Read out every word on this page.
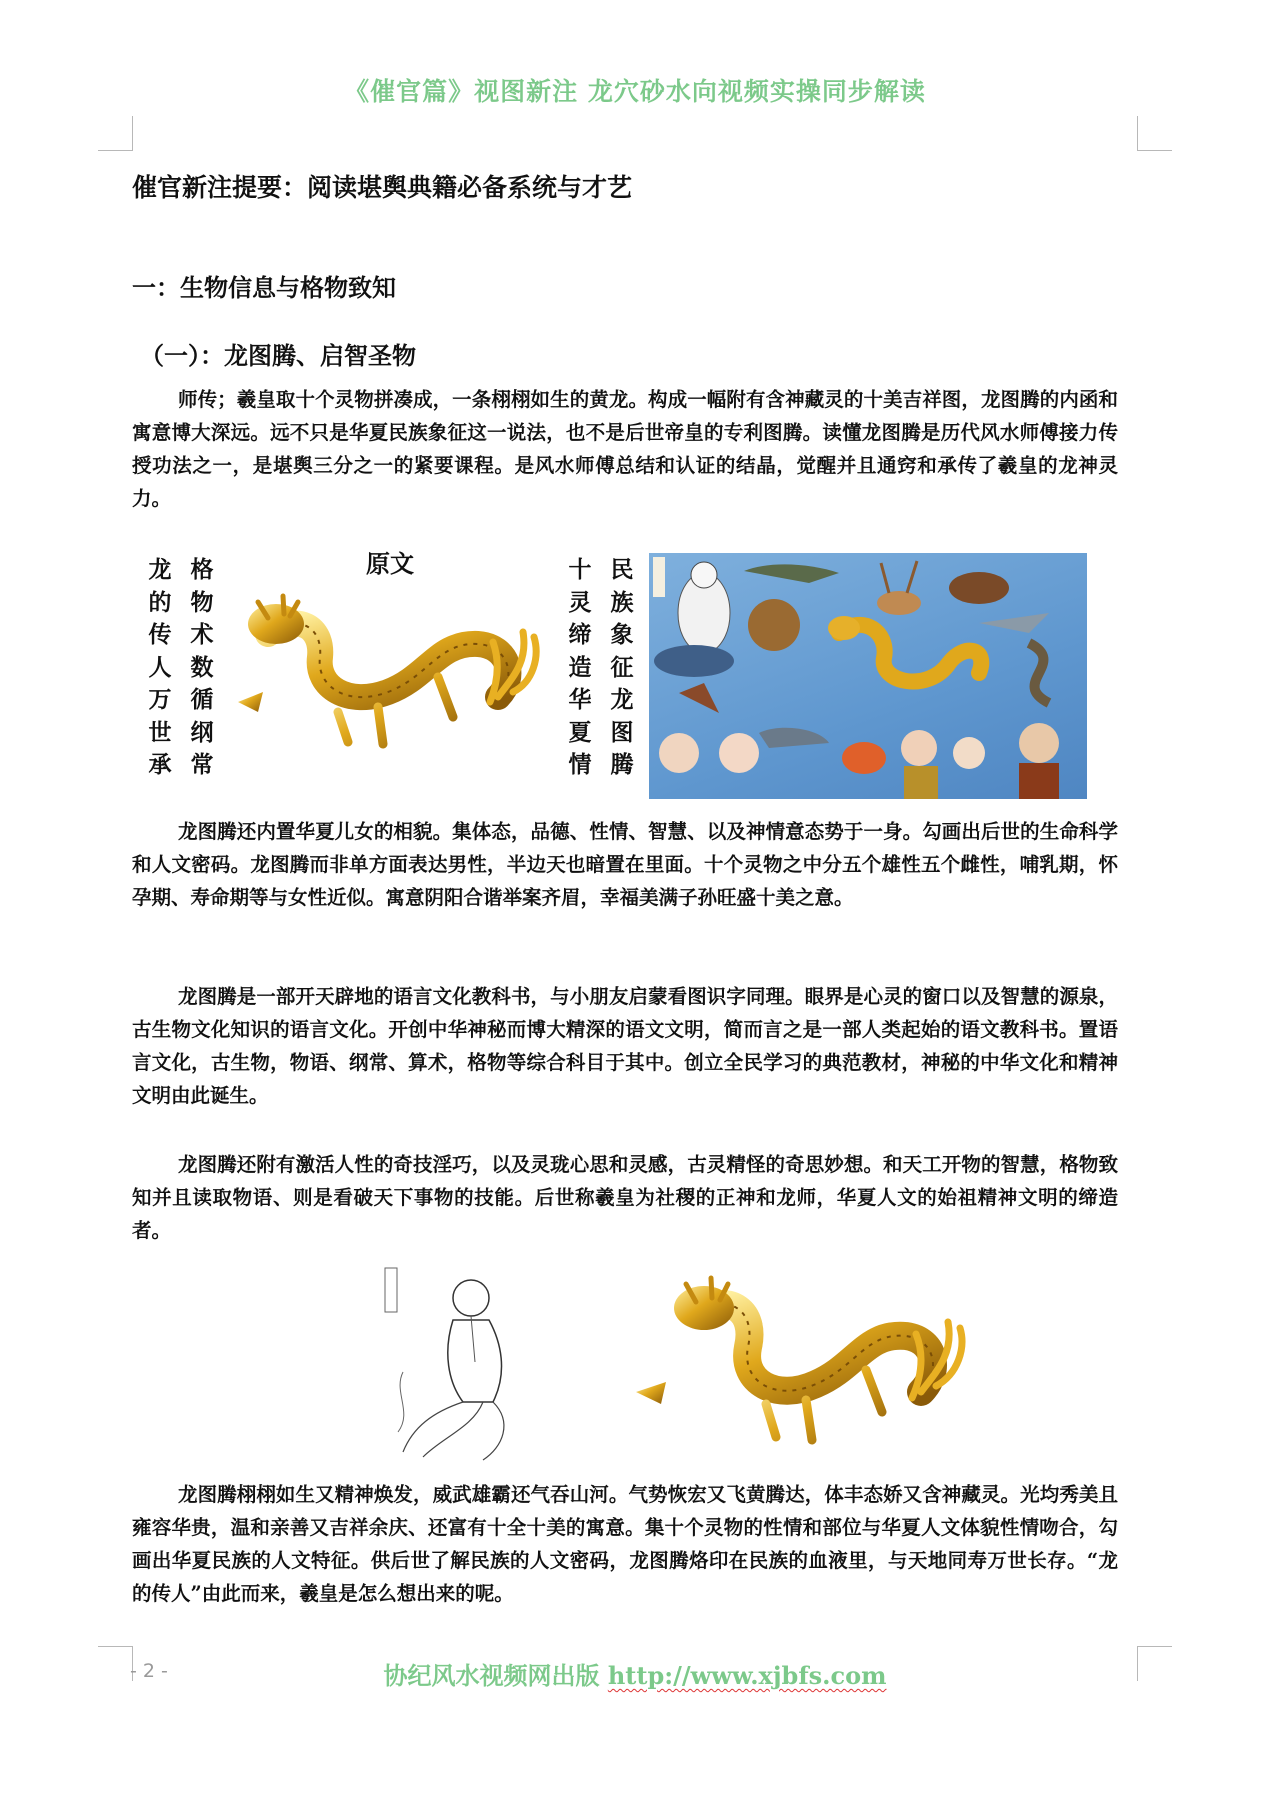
《催官篇》视图新注 龙穴砂水向视频实操同步解读
催官新注提要：阅读堪舆典籍必备系统与才艺
一：生物信息与格物致知
（一）：龙图腾、启智圣物

师传；羲皇取十个灵物拼凑成，一条栩栩如生的黄龙。构成一幅附有含神藏灵的十美吉祥图，龙图腾的内函和寓意博大深远。远不只是华夏民族象征这一说法，也不是后世帝皇的专利图腾。读懂龙图腾是历代风水师傅接力传授功法之一，是堪舆三分之一的紧要课程。是风水师傅总结和认证的结晶，觉醒并且通窍和承传了羲皇的龙神灵力。

龙
的
传
人
万
世
承
格
物
术
数
循
纲
常
原文	十
灵
缔
造
华
夏
情
民
族
象
征
龙
图
腾

龙图腾还内置华夏儿女的相貌。集体态，品德、性情、智慧、以及神情意态势于一身。勾画出后世的生命科学和人文密码。龙图腾而非单方面表达男性，半边天也暗置在里面。十个灵物之中分五个雄性五个雌性，哺乳期，怀孕期、寿命期等与女性近似。寓意阴阳合谐举案齐眉，幸福美满子孙旺盛十美之意。

龙图腾是一部开天辟地的语言文化教科书，与小朋友启蒙看图识字同理。眼界是心灵的窗口以及智慧的源泉，古生物文化知识的语言文化。开创中华神秘而博大精深的语文文明，简而言之是一部人类起始的语文教科书。置语言文化，古生物，物语、纲常、算术，格物等综合科目于其中。创立全民学习的典范教材，神秘的中华文化和精神文明由此诞生。

龙图腾还附有激活人性的奇技淫巧，以及灵珑心思和灵感，古灵精怪的奇思妙想。和天工开物的智慧，格物致知并且读取物语、则是看破天下事物的技能。后世称羲皇为社稷的正神和龙师，华夏人文的始祖精神文明的缔造者。

龙图腾栩栩如生又精神焕发，威武雄霸还气吞山河。气势恢宏又飞黄腾达，体丰态娇又含神藏灵。光均秀美且雍容华贵，温和亲善又吉祥余庆、还富有十全十美的寓意。集十个灵物的性情和部位与华夏人文体貌性情吻合，勾画出华夏民族的人文特征。供后世了解民族的人文密码，龙图腾烙印在民族的血液里，与天地同寿万世长存。“龙的传人”由此而来，羲皇是怎么想出来的呢。

- 2 -	协纪风水视频网出版 http://www.xjbfs.com
